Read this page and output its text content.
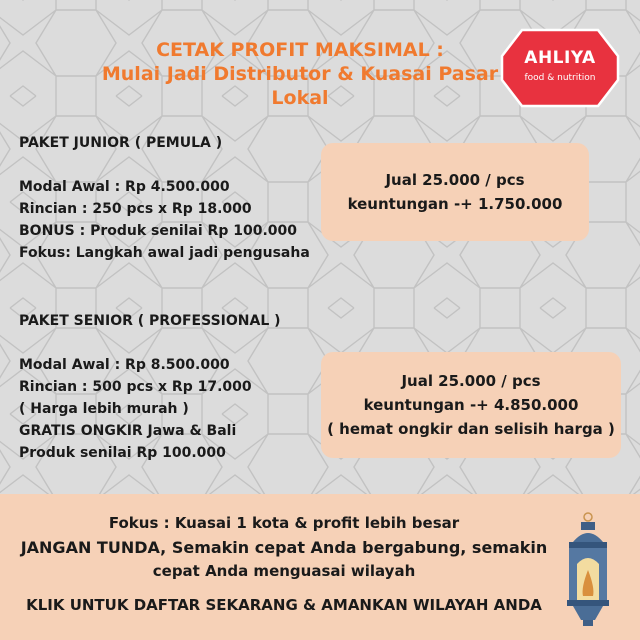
CETAK PROFIT MAKSIMAL :
Mulai Jadi Distributor & Kuasai Pasar Lokal
AHLIYA
food & nutrition
PAKET JUNIOR ( PEMULA )
Modal Awal : Rp 4.500.000
Rincian : 250 pcs x Rp 18.000
BONUS : Produk senilai Rp 100.000
Fokus: Langkah awal jadi pengusaha
Jual 25.000 / pcs
keuntungan -+ 1.750.000
PAKET SENIOR ( PROFESSIONAL )
Modal Awal : Rp 8.500.000
Rincian : 500 pcs x Rp 17.000
( Harga lebih murah )
GRATIS ONGKIR Jawa & Bali
Produk senilai Rp 100.000
Jual 25.000 / pcs
keuntungan -+ 4.850.000
( hemat ongkir dan selisih harga )
Fokus : Kuasai 1 kota & profit lebih besar
JANGAN TUNDA, Semakin cepat Anda bergabung, semakin
cepat Anda menguasai wilayah
KLIK UNTUK DAFTAR SEKARANG & AMANKAN WILAYAH ANDA
